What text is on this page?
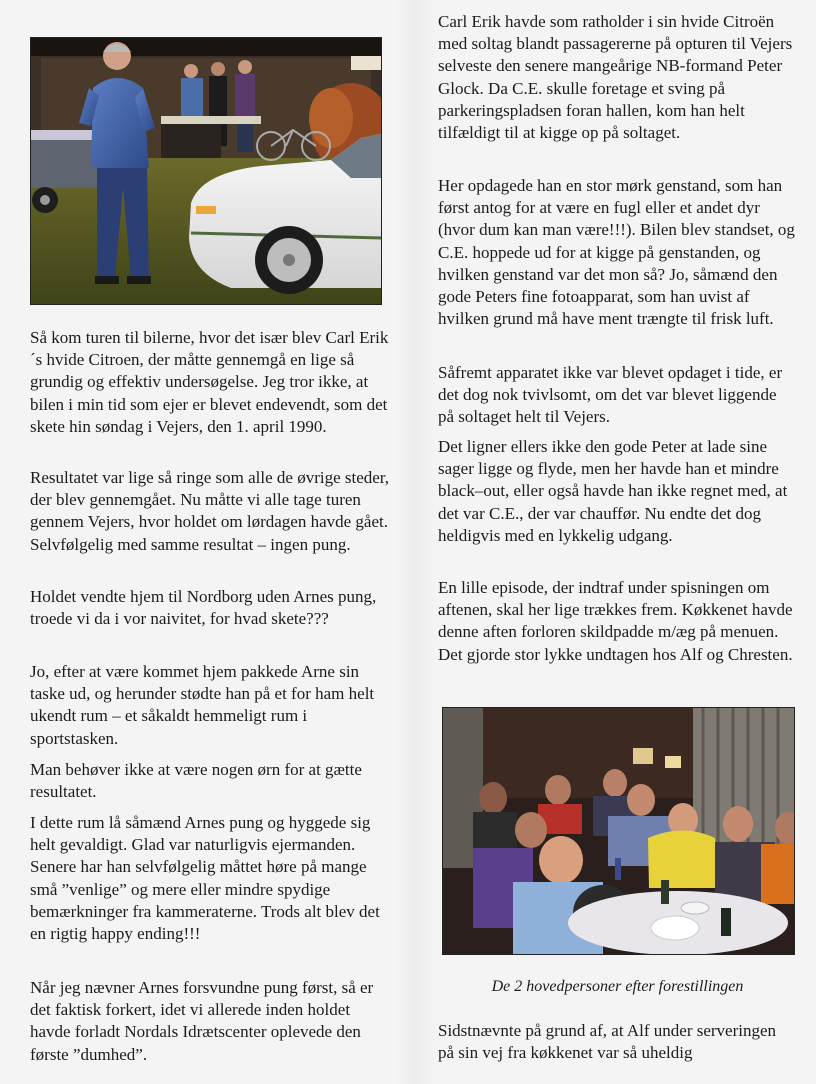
Så kom turen til bilerne, hvor det især blev Carl Erik´s hvide Citroen, der måtte gennemgå en lige så grundig og effektiv undersøgelse. Jeg tror ikke, at bilen i min tid som ejer er blevet endevendt, som det skete hin søndag i Vejers, den 1. april 1990.

Resultatet var lige så ringe som alle de øvrige steder, der blev gennemgået. Nu måtte vi alle tage turen gennem Vejers, hvor holdet om lørdagen havde gået. Selvfølgelig med samme resultat – ingen pung.

Holdet vendte hjem til Nordborg uden Arnes pung, troede vi da i vor naivitet, for hvad skete???

Jo, efter at være kommet hjem pakkede Arne sin taske ud, og herunder stødte han på et for ham helt ukendt rum – et såkaldt hemmeligt rum i sportstasken.

Man behøver ikke at være nogen ørn for at gætte resultatet.

I dette rum lå såmænd Arnes pung og hyggede sig helt gevaldigt. Glad var naturligvis ejermanden. Senere har han selvfølgelig måttet høre på mange små ”venlige” og mere eller mindre spydige bemærkninger fra kammeraterne. Trods alt blev det en rigtig happy ending!!!

Når jeg nævner Arnes forsvundne pung først, så er det faktisk forkert, idet vi allerede inden holdet havde forladt Nordals Idrætscenter oplevede den første ”dumhed”.

Carl Erik havde som ratholder i sin hvide Citroën med soltag blandt passagererne på opturen til Vejers selveste den senere mangeårige NB-formand Peter Glock. Da C.E. skulle foretage et sving på parkeringspladsen foran hallen, kom han helt tilfældigt til at kigge op på soltaget.

Her opdagede han en stor mørk genstand, som han først antog for at være en fugl eller et andet dyr (hvor dum kan man være!!!). Bilen blev standset, og C.E. hoppede ud for at kigge på genstanden, og hvilken genstand var det mon så? Jo, såmænd den gode Peters fine fotoapparat, som han uvist af hvilken grund må have ment trængte til frisk luft.

Såfremt apparatet ikke var blevet opdaget i tide, er det dog nok tvivlsomt, om det var blevet liggende på soltaget helt til Vejers.

Det ligner ellers ikke den gode Peter at lade sine sager ligge og flyde, men her havde han et mindre black–out, eller også havde han ikke regnet med, at det var C.E., der var chauffør. Nu endte det dog heldigvis med en lykkelig udgang.

En lille episode, der indtraf under spisningen om aftenen, skal her lige trækkes frem. Køkkenet havde denne aften forloren skildpadde m/æg på menuen. Det gjorde stor lykke undtagen hos Alf og Chresten.

Sidstnævnte på grund af, at Alf under serveringen på sin vej fra køkkenet var så uheldig

De 2 hovedpersoner efter forestillingen
